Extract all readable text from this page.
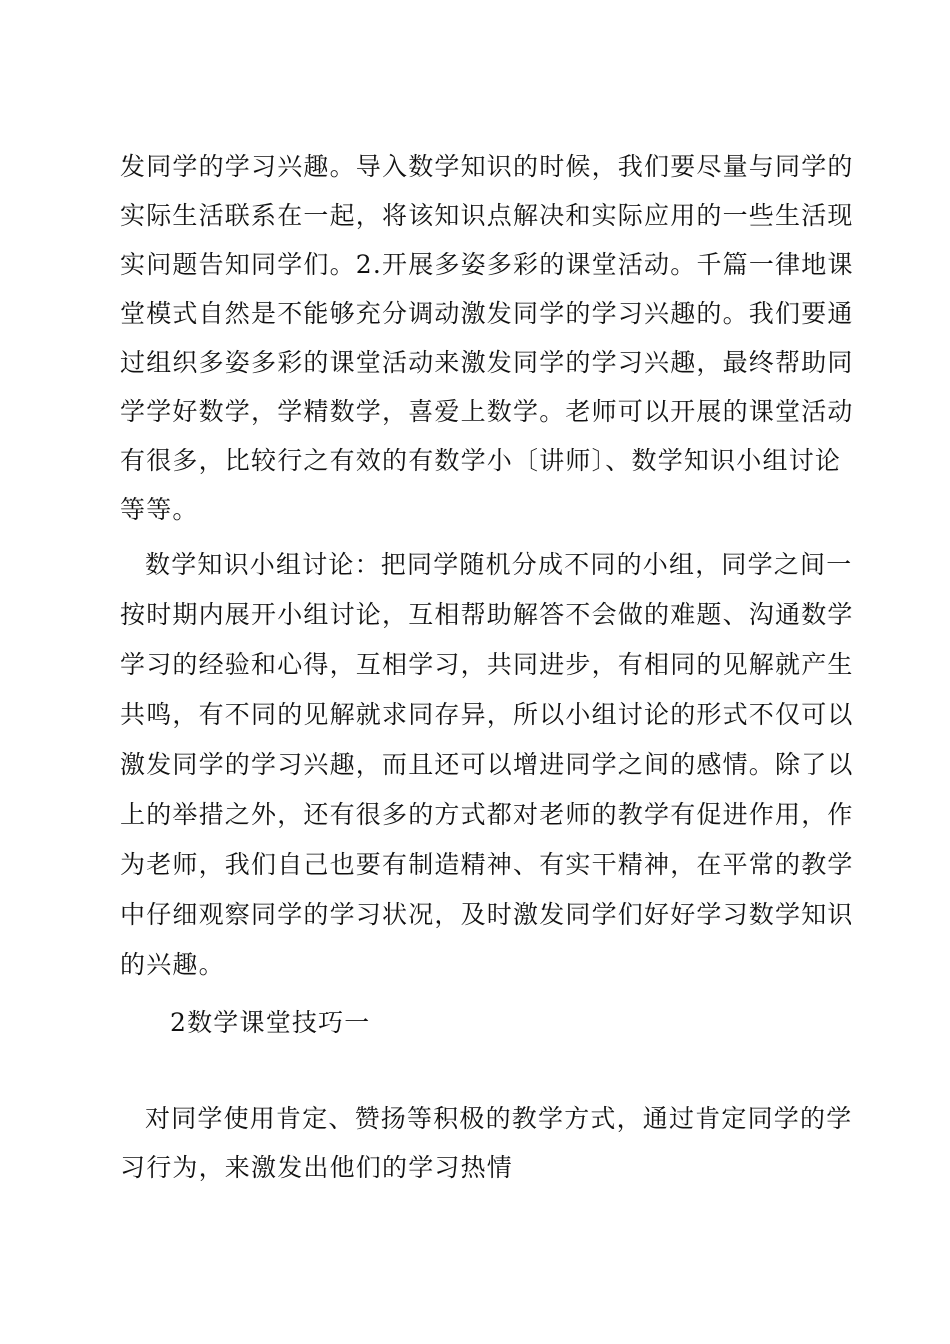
发同学的学习兴趣。导入数学知识的时候，我们要尽量与同学的
实际生活联系在一起，将该知识点解决和实际应用的一些生活现
实问题告知同学们。2.开展多姿多彩的课堂活动。千篇一律地课
堂模式自然是不能够充分调动激发同学的学习兴趣的。我们要通
过组织多姿多彩的课堂活动来激发同学的学习兴趣，最终帮助同
学学好数学，学精数学，喜爱上数学。老师可以开展的课堂活动
有很多，比较行之有效的有数学小〔讲师〕、数学知识小组讨论
等等。
数学知识小组讨论：把同学随机分成不同的小组，同学之间一
按时期内展开小组讨论，互相帮助解答不会做的难题、沟通数学
学习的经验和心得，互相学习，共同进步，有相同的见解就产生
共鸣，有不同的见解就求同存异，所以小组讨论的形式不仅可以
激发同学的学习兴趣，而且还可以增进同学之间的感情。除了以
上的举措之外，还有很多的方式都对老师的教学有促进作用，作
为老师，我们自己也要有制造精神、有实干精神，在平常的教学
中仔细观察同学的学习状况，及时激发同学们好好学习数学知识
的兴趣。
2数学课堂技巧一
对同学使用肯定、赞扬等积极的教学方式，通过肯定同学的学
习行为，来激发出他们的学习热情
